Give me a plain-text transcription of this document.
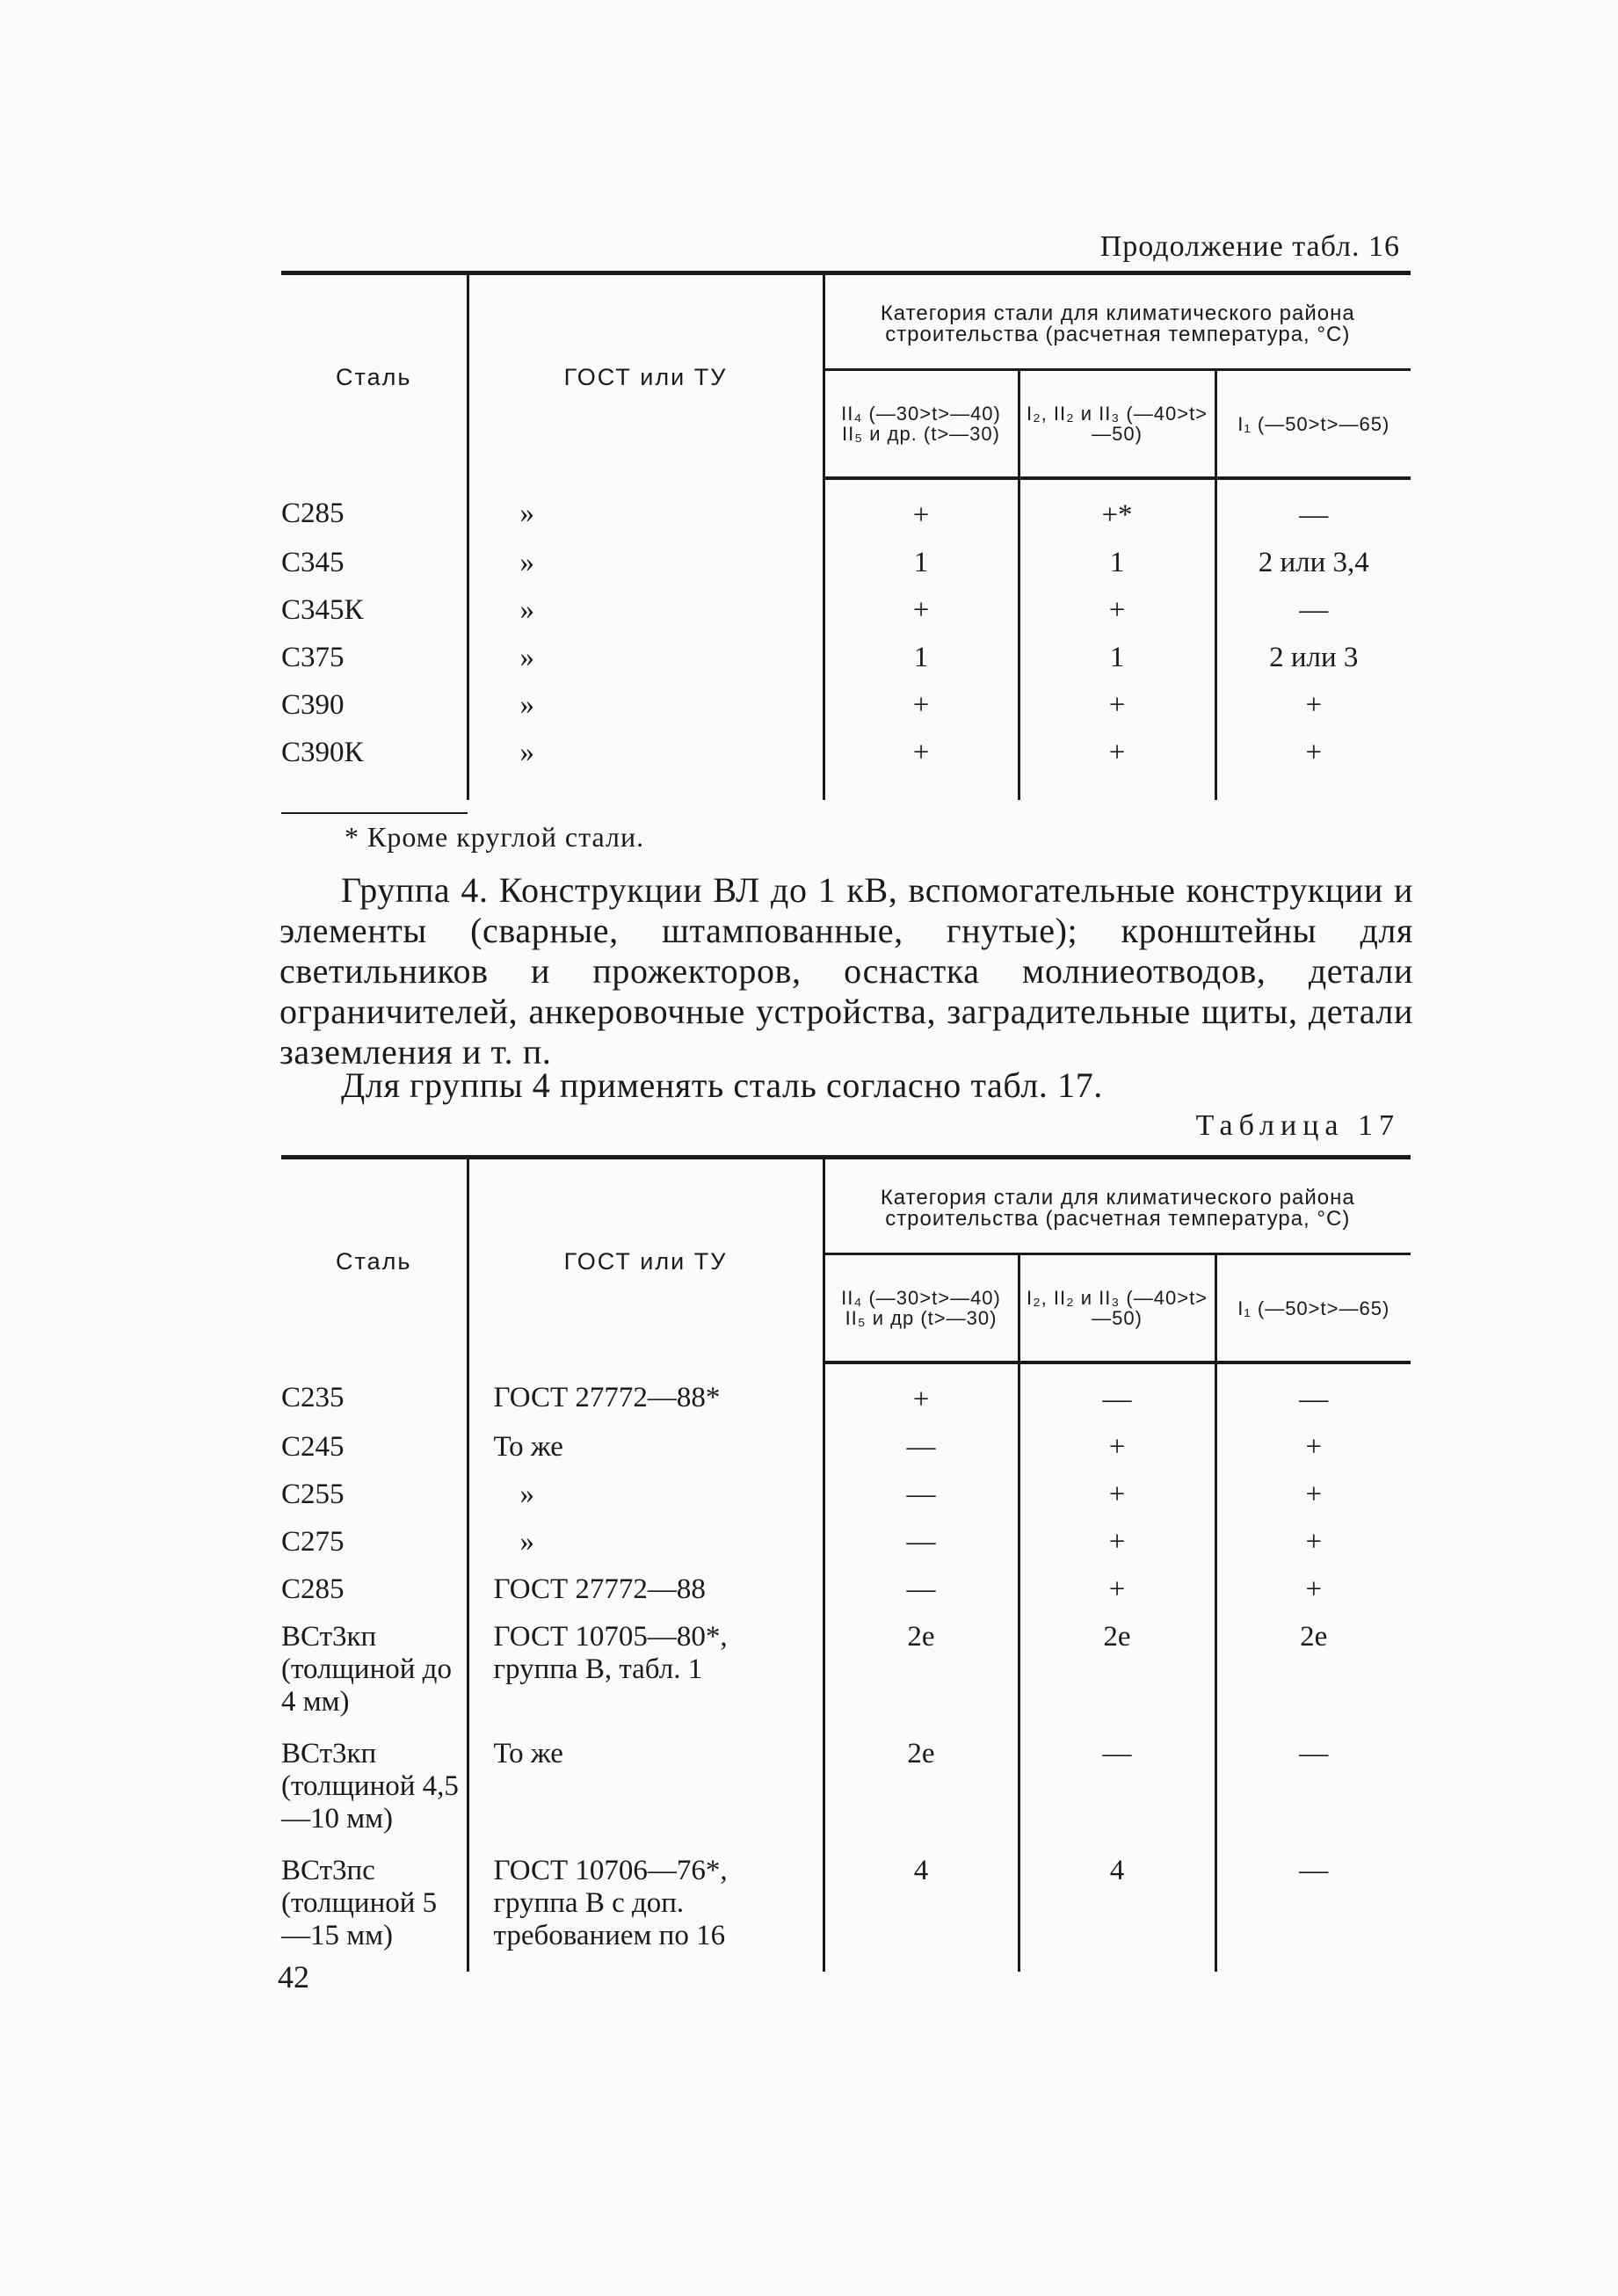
Продолжение табл. 16
Сталь	ГОСТ или ТУ	Категория стали для климатического района строительства (расчетная температура, °С)		
		II₄ (—30>t>—40) II₅ и др. (t>—30)	I₂, II₂ и II₃ (—40>t>—50)	I₁ (—50>t>—65)
С285	»	+	+*	—
С345	»	1	1	2 или 3,4
С345К	»	+	+	—
С375	»	1	1	2 или 3
С390	»	+	+	+
С390К	»	+	+	+
* Кроме круглой стали.

Группа 4. Конструкции ВЛ до 1 кВ, вспомогательные конструкции и элементы (сварные, штампованные, гнутые); кронштейны для светильников и прожекторов, оснастка молниеотводов, детали ограничителей, анкеровочные устройства, заградительные щиты, детали заземления и т. п.

Для группы 4 применять сталь согласно табл. 17.

Таблица 17
Сталь	ГОСТ или ТУ	Категория стали для климатического района строительства (расчетная температура, °С)		
		II₄ (—30>t>—40) II₅ и др (t>—30)	I₂, II₂ и II₃ (—40>t>—50)	I₁ (—50>t>—65)
С235	ГОСТ 27772—88*	+	—	—
С245	То же	—	+	+
С255	»	—	+	+
С275	»	—	+	+
С285	ГОСТ 27772—88	—	+	+
ВСт3кп (толщиной до 4 мм)	ГОСТ 10705—80*, группа В, табл. 1	2е	2е	2е
ВСт3кп (толщиной 4,5—10 мм)	То же	2е	—	—
ВСт3пс (толщиной 5—15 мм)	ГОСТ 10706—76*, группа В с доп. требованием по 16	4	4	—
42
